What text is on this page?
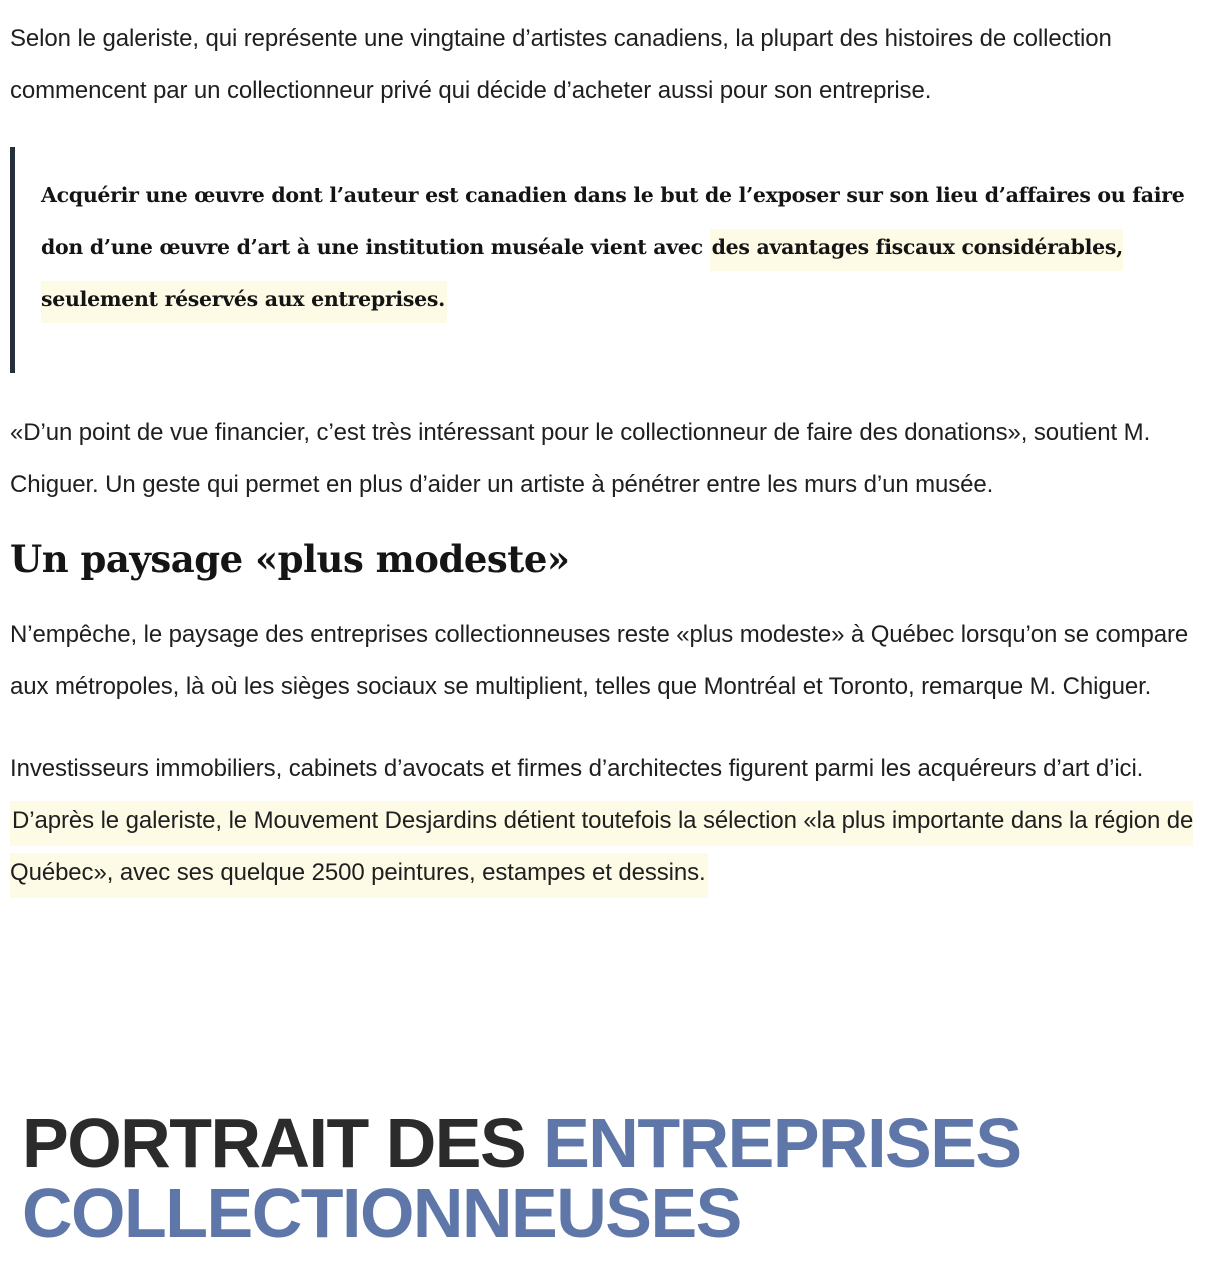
Selon le galeriste, qui représente une vingtaine d’artistes canadiens, la plupart des histoires de collection commencent par un collectionneur privé qui décide d’acheter aussi pour son entreprise.

Acquérir une œuvre dont l’auteur est canadien dans le but de l’exposer sur son lieu d’affaires ou faire don d’une œuvre d’art à une institution muséale vient avec des avantages fiscaux considérables, seulement réservés aux entreprises.

«D’un point de vue financier, c’est très intéressant pour le collectionneur de faire des donations», soutient M. Chiguer. Un geste qui permet en plus d’aider un artiste à pénétrer entre les murs d’un musée.

Un paysage «plus modeste»

N’empêche, le paysage des entreprises collectionneuses reste «plus modeste» à Québec lorsqu’on se compare aux métropoles, là où les sièges sociaux se multiplient, telles que Montréal et Toronto, remarque M. Chiguer.

Investisseurs immobiliers, cabinets d’avocats et firmes d’architectes figurent parmi les acquéreurs d’art d’ici. D’après le galeriste, le Mouvement Desjardins détient toutefois la sélection «la plus importante dans la région de Québec», avec ses quelque 2500 peintures, estampes et dessins.

PORTRAIT DES ENTREPRISES
COLLECTIONNEUSES
